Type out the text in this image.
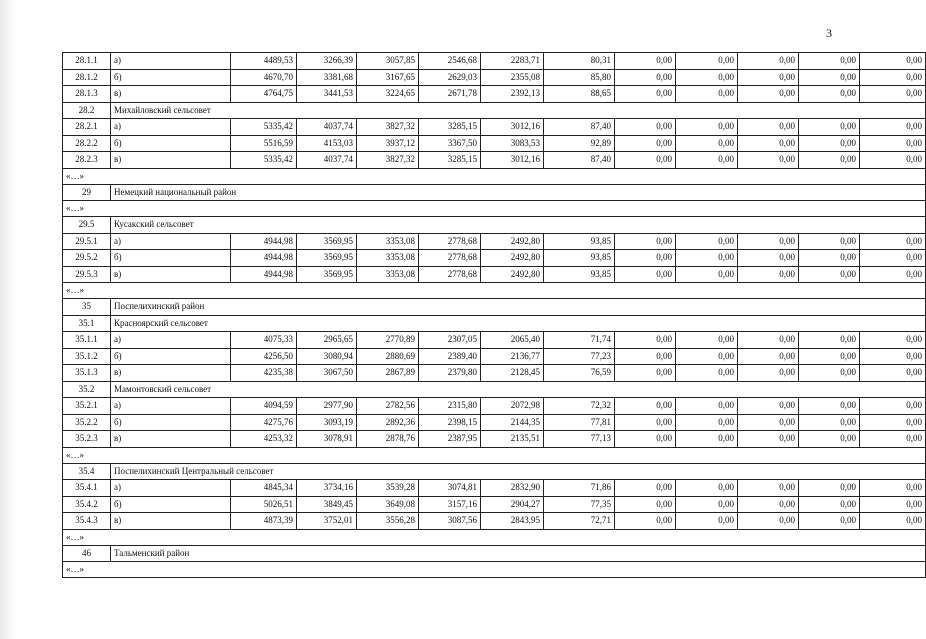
3
28.1.1	а)	4489,53	3266,39	3057,85	2546,68	2283,71	80,31	0,00	0,00	0,00	0,00	0,00
28.1.2	б)	4670,70	3381,68	3167,65	2629,03	2355,08	85,80	0,00	0,00	0,00	0,00	0,00
28.1.3	в)	4764,75	3441,53	3224,65	2671,78	2392,13	88,65	0,00	0,00	0,00	0,00	0,00
28.2	Михайловский сельсовет											
28.2.1	а)	5335,42	4037,74	3827,32	3285,15	3012,16	87,40	0,00	0,00	0,00	0,00	0,00
28.2.2	б)	5516,59	4153,03	3937,12	3367,50	3083,53	92,89	0,00	0,00	0,00	0,00	0,00
28.2.3	в)	5335,42	4037,74	3827,32	3285,15	3012,16	87,40	0,00	0,00	0,00	0,00	0,00
«…»												
29	Немецкий национальный район											
«…»												
29.5	Кусакский сельсовет											
29.5.1	а)	4944,98	3569,95	3353,08	2778,68	2492,80	93,85	0,00	0,00	0,00	0,00	0,00
29.5.2	б)	4944,98	3569,95	3353,08	2778,68	2492,80	93,85	0,00	0,00	0,00	0,00	0,00
29.5.3	в)	4944,98	3569,95	3353,08	2778,68	2492,80	93,85	0,00	0,00	0,00	0,00	0,00
«…»												
35	Поспелихинский район											
35.1	Красноярский сельсовет											
35.1.1	а)	4075,33	2965,65	2770,89	2307,05	2065,40	71,74	0,00	0,00	0,00	0,00	0,00
35.1.2	б)	4256,50	3080,94	2880,69	2389,40	2136,77	77,23	0,00	0,00	0,00	0,00	0,00
35.1.3	в)	4235,38	3067,50	2867,89	2379,80	2128,45	76,59	0,00	0,00	0,00	0,00	0,00
35.2	Мамонтовский сельсовет											
35.2.1	а)	4094,59	2977,90	2782,56	2315,80	2072,98	72,32	0,00	0,00	0,00	0,00	0,00
35.2.2	б)	4275,76	3093,19	2892,36	2398,15	2144,35	77,81	0,00	0,00	0,00	0,00	0,00
35.2.3	в)	4253,32	3078,91	2878,76	2387,95	2135,51	77,13	0,00	0,00	0,00	0,00	0,00
«…»												
35.4	Поспелихинский Центральный сельсовет											
35.4.1	а)	4845,34	3734,16	3539,28	3074,81	2832,90	71,86	0,00	0,00	0,00	0,00	0,00
35.4.2	б)	5026,51	3849,45	3649,08	3157,16	2904,27	77,35	0,00	0,00	0,00	0,00	0,00
35.4.3	в)	4873,39	3752,01	3556,28	3087,56	2843,95	72,71	0,00	0,00	0,00	0,00	0,00
«…»												
46	Тальменский район											
«…»												
